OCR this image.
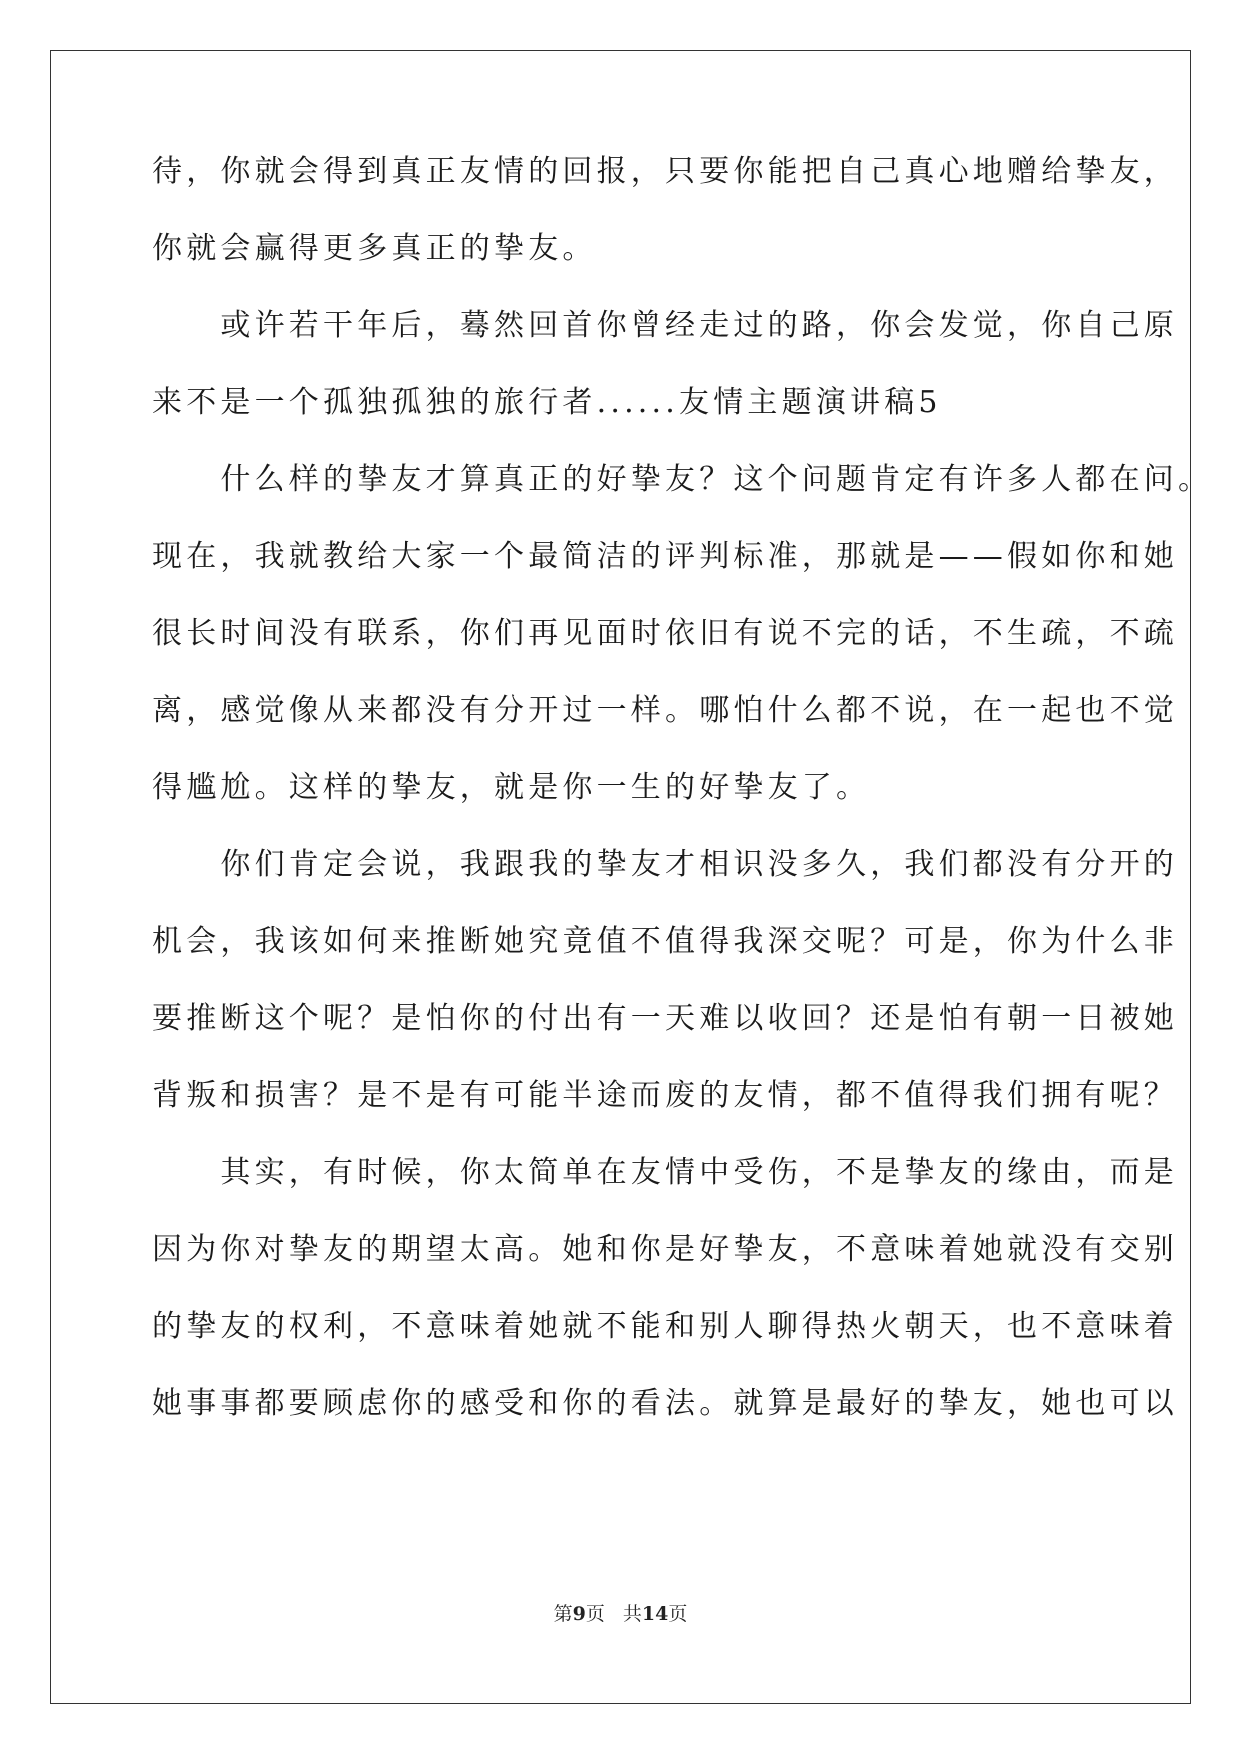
待，你就会得到真正友情的回报，只要你能把自己真心地赠给挚友，
你就会赢得更多真正的挚友。
　　或许若干年后，蓦然回首你曾经走过的路，你会发觉，你自己原
来不是一个孤独孤独的旅行者......友情主题演讲稿5
　　什么样的挚友才算真正的好挚友？这个问题肯定有许多人都在问。
现在，我就教给大家一个最简洁的评判标准，那就是——假如你和她
很长时间没有联系，你们再见面时依旧有说不完的话，不生疏，不疏
离，感觉像从来都没有分开过一样。哪怕什么都不说，在一起也不觉
得尴尬。这样的挚友，就是你一生的好挚友了。
　　你们肯定会说，我跟我的挚友才相识没多久，我们都没有分开的
机会，我该如何来推断她究竟值不值得我深交呢？可是，你为什么非
要推断这个呢？是怕你的付出有一天难以收回？还是怕有朝一日被她
背叛和损害？是不是有可能半途而废的友情，都不值得我们拥有呢？
　　其实，有时候，你太简单在友情中受伤，不是挚友的缘由，而是
因为你对挚友的期望太高。她和你是好挚友，不意味着她就没有交别
的挚友的权利，不意味着她就不能和别人聊得热火朝天，也不意味着
她事事都要顾虑你的感受和你的看法。就算是最好的挚友，她也可以
第9页 共14页
